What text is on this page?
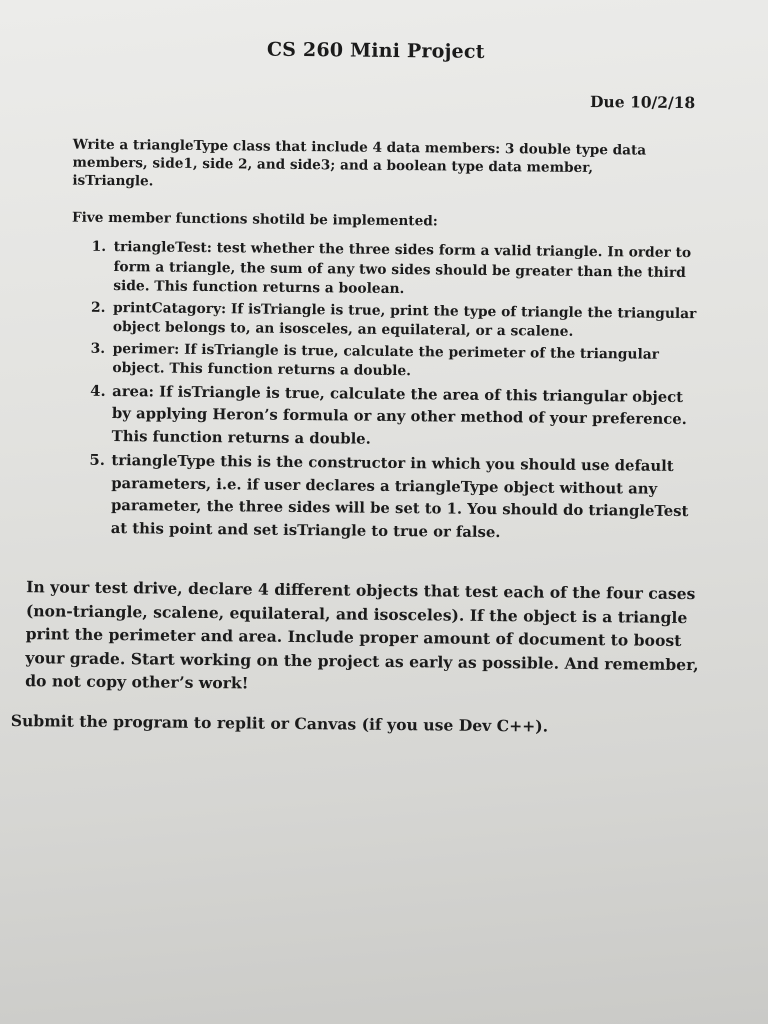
CS 260 Mini Project
Due 10/2/18
Write a triangleType class that include 4 data members: 3 double type data members, side1, side 2, and side3; and a boolean type data member, isTriangle.
Five member functions shotild be implemented:
1. triangleTest: test whether the three sides form a valid triangle. In order to form a triangle, the sum of any two sides should be greater than the third side. This function returns a boolean.
2. printCatagory: If isTriangle is true, print the type of triangle the triangular object belongs to, an isosceles, an equilateral, or a scalene.
3. perimer: If isTriangle is true, calculate the perimeter of the triangular object. This function returns a double.
4. area: If isTriangle is true, calculate the area of this triangular object by applying Heron’s formula or any other method of your preference. This function returns a double.
5. triangleType this is the constructor in which you should use default parameters, i.e. if user declares a triangleType object without any parameter, the three sides will be set to 1. You should do triangleTest at this point and set isTriangle to true or false.
In your test drive, declare 4 different objects that test each of the four cases (non-triangle, scalene, equilateral, and isosceles). If the object is a triangle print the perimeter and area. Include proper amount of document to boost your grade. Start working on the project as early as possible. And remember, do not copy other’s work!
Submit the program to replit or Canvas (if you use Dev C++).
